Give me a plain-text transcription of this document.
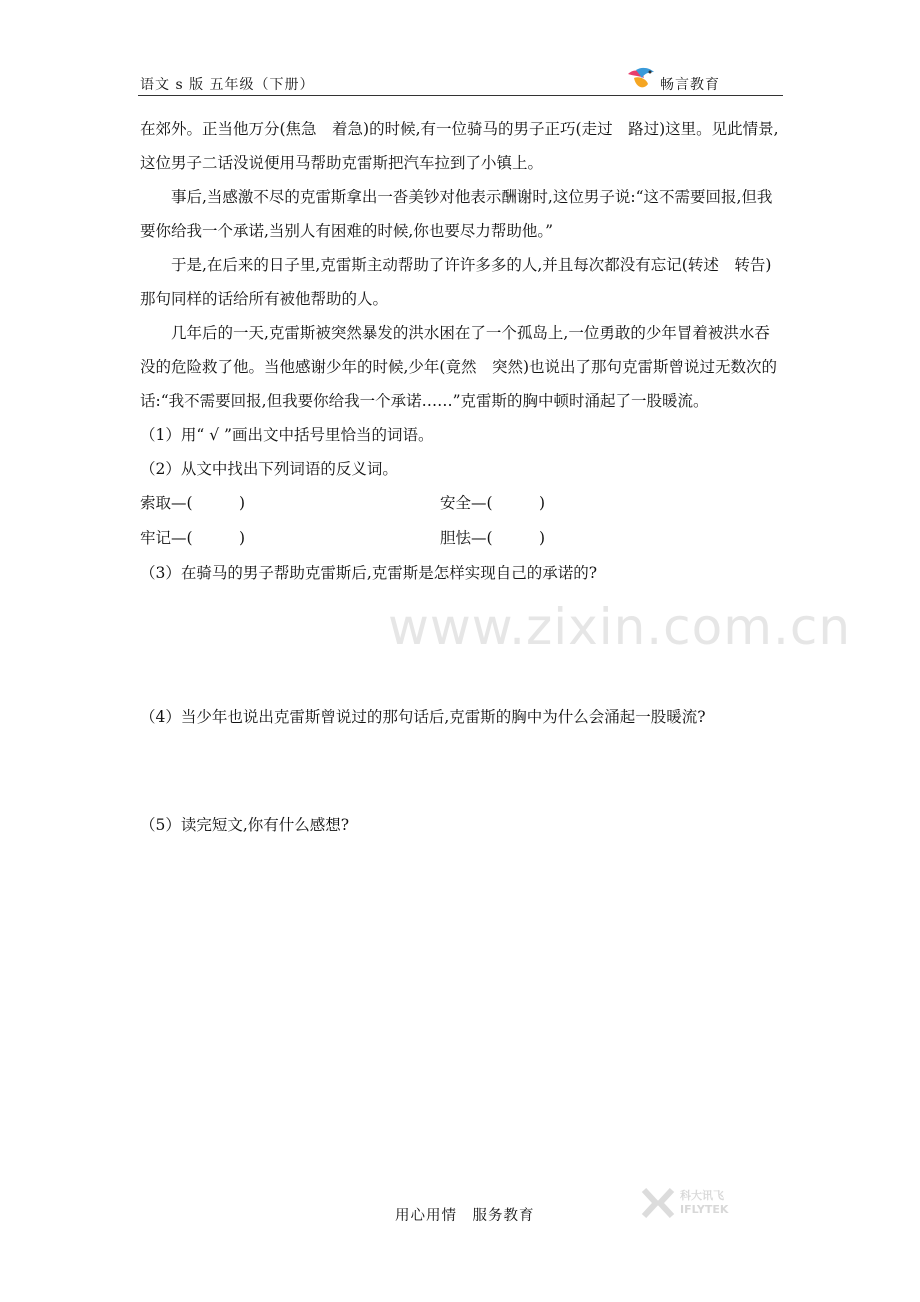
语文 s 版 五年级（下册）	畅言教育
www.zixin.com.cn

在郊外。正当他万分(焦急　着急)的时候,有一位骑马的男子正巧(走过　路过)这里。见此情景,这位男子二话没说便用马帮助克雷斯把汽车拉到了小镇上。

事后,当感激不尽的克雷斯拿出一沓美钞对他表示酬谢时,这位男子说:“这不需要回报,但我要你给我一个承诺,当别人有困难的时候,你也要尽力帮助他。”

于是,在后来的日子里,克雷斯主动帮助了许许多多的人,并且每次都没有忘记(转述　转告)那句同样的话给所有被他帮助的人。

几年后的一天,克雷斯被突然暴发的洪水困在了一个孤岛上,一位勇敢的少年冒着被洪水吞没的危险救了他。当他感谢少年的时候,少年(竟然　突然)也说出了那句克雷斯曾说过无数次的话:“我不需要回报,但我要你给我一个承诺……”克雷斯的胸中顿时涌起了一股暖流。

（1）用“ √ ”画出文中括号里恰当的词语。

（2）从文中找出下列词语的反义词。

索取—(　　　)	安全—(　　　)
牢记—(　　　)	胆怯—(　　　)

（3）在骑马的男子帮助克雷斯后,克雷斯是怎样实现自己的承诺的?

（4）当少年也说出克雷斯曾说过的那句话后,克雷斯的胸中为什么会涌起一股暖流?

（5）读完短文,你有什么感想?

用心用情　服务教育
科大讯飞
IFLYTEK
